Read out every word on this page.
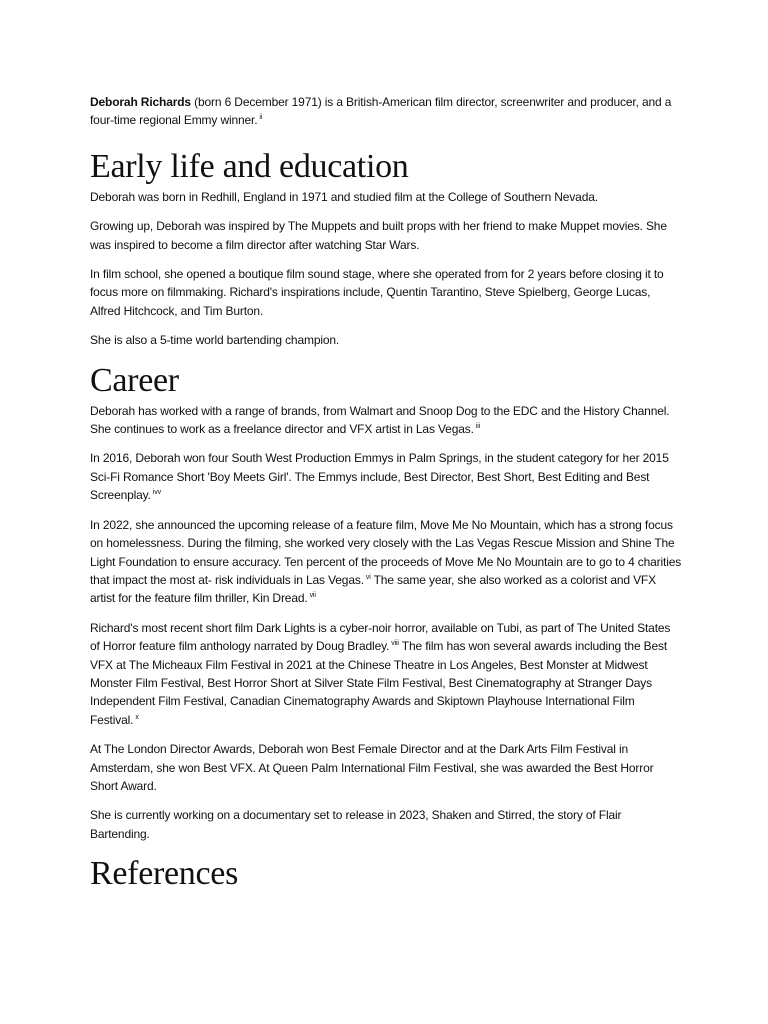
Deborah Richards (born 6 December 1971) is a British-American film director, screenwriter and producer, and a four-time regional Emmy winner. $^{ii}$

Early life and education

Deborah was born in Redhill, England in 1971 and studied film at the College of Southern Nevada.

Growing up, Deborah was inspired by The Muppets and built props with her friend to make Muppet movies. She was inspired to become a film director after watching Star Wars.

In film school, she opened a boutique film sound stage, where she operated from for 2 years before closing it to focus more on filmmaking. Richard's inspirations include, Quentin Tarantino, Steve Spielberg, George Lucas, Alfred Hitchcock, and Tim Burton.

She is also a 5-time world bartending champion.

Career

Deborah has worked with a range of brands, from Walmart and Snoop Dog to the EDC and the History Channel. She continues to work as a freelance director and VFX artist in Las Vegas. $^{iii}$

In 2016, Deborah won four South West Production Emmys in Palm Springs, in the student category for her 2015 Sci-Fi Romance Short 'Boy Meets Girl'. The Emmys include, Best Director, Best Short, Best Editing and Best Screenplay. $^{ivv}$

In 2022, she announced the upcoming release of a feature film, Move Me No Mountain, which has a strong focus on homelessness. During the filming, she worked very closely with the Las Vegas Rescue Mission and Shine The Light Foundation to ensure accuracy. Ten percent of the proceeds of Move Me No Mountain are to go to 4 charities that impact the most at- risk individuals in Las Vegas. $^{vi}$ The same year, she also worked as a colorist and VFX artist for the feature film thriller, Kin Dread. $^{vii}$

Richard's most recent short film Dark Lights is a cyber-noir horror, available on Tubi, as part of The United States of Horror feature film anthology narrated by Doug Bradley. $^{viii}$ The film has won several awards including the Best VFX at The Micheaux Film Festival in 2021 at the Chinese Theatre in Los Angeles, Best Monster at Midwest Monster Film Festival, Best Horror Short at Silver State Film Festival, Best Cinematography at Stranger Days Independent Film Festival, Canadian Cinematography Awards and Skiptown Playhouse International Film Festival. $^x$

At The London Director Awards, Deborah won Best Female Director and at the Dark Arts Film Festival in Amsterdam, she won Best VFX. At Queen Palm International Film Festival, she was awarded the Best Horror Short Award.

She is currently working on a documentary set to release in 2023, Shaken and Stirred, the story of Flair Bartending.

References
